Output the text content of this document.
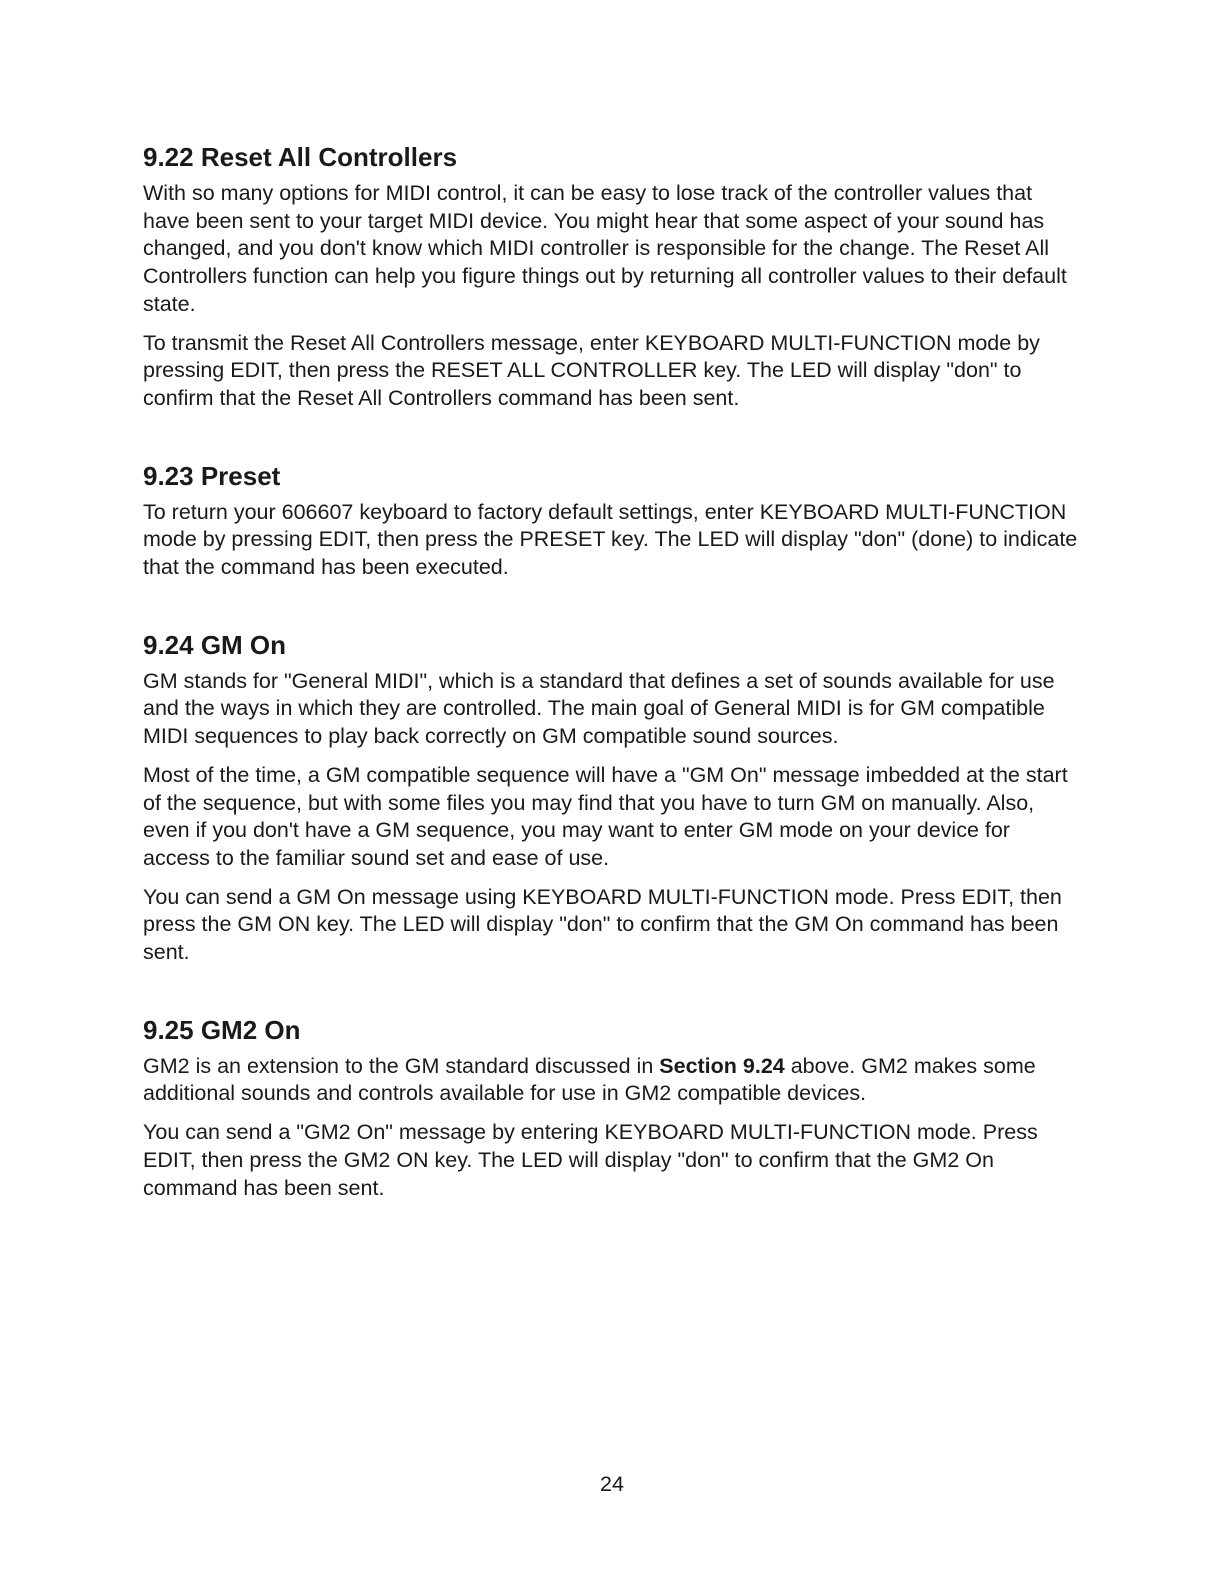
9.22 Reset All Controllers

With so many options for MIDI control, it can be easy to lose track of the controller values that have been sent to your target MIDI device. You might hear that some aspect of your sound has changed, and you don't know which MIDI controller is responsible for the change. The Reset All Controllers function can help you figure things out by returning all controller values to their default state.

To transmit the Reset All Controllers message, enter KEYBOARD MULTI-FUNCTION mode by pressing EDIT, then press the RESET ALL CONTROLLER key. The LED will display "don" to confirm that the Reset All Controllers command has been sent.

9.23 Preset

To return your 606607 keyboard to factory default settings, enter KEYBOARD MULTI-FUNCTION mode by pressing EDIT, then press the PRESET key. The LED will display "don" (done) to indicate that the command has been executed.

9.24 GM On

GM stands for "General MIDI", which is a standard that defines a set of sounds available for use and the ways in which they are controlled. The main goal of General MIDI is for GM compatible MIDI sequences to play back correctly on GM compatible sound sources.

Most of the time, a GM compatible sequence will have a "GM On" message imbedded at the start of the sequence, but with some files you may find that you have to turn GM on manually. Also, even if you don't have a GM sequence, you may want to enter GM mode on your device for access to the familiar sound set and ease of use.

You can send a GM On message using KEYBOARD MULTI-FUNCTION mode. Press EDIT, then press the GM ON key. The LED will display "don" to confirm that the GM On command has been sent.

9.25 GM2 On

GM2 is an extension to the GM standard discussed in Section 9.24 above. GM2 makes some additional sounds and controls available for use in GM2 compatible devices.

You can send a "GM2 On" message by entering KEYBOARD MULTI-FUNCTION mode. Press EDIT, then press the GM2 ON key. The LED will display "don" to confirm that the GM2 On command has been sent.

24
